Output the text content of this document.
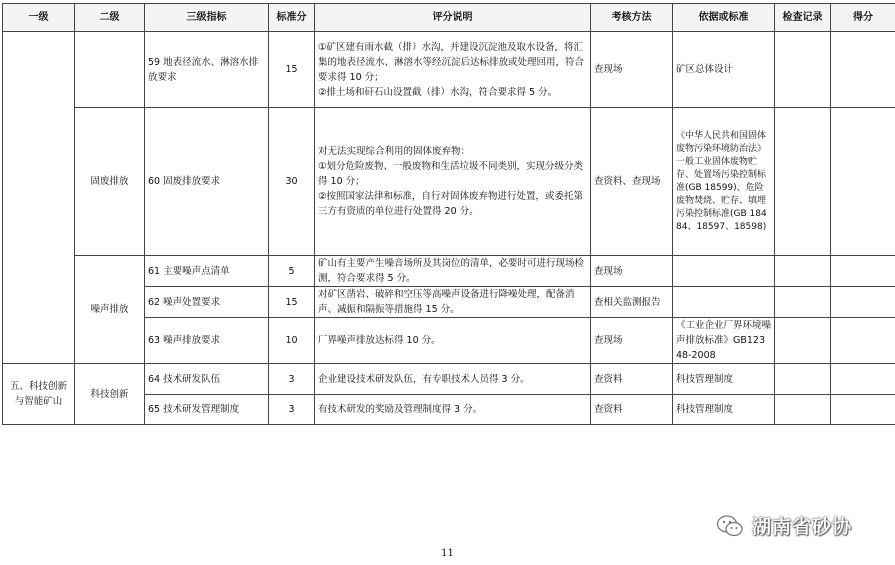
一级	二级	三级指标	标准分	评分说明	考核方法	依据或标准	检查记录	得分
		59 地表径流水、淋溶水排放要求	15	①矿区建有雨水截（排）水沟，并建设沉淀池及取水设备，将汇集的地表径流水、淋溶水等经沉淀后达标排放或处理回用，符合要求得 10 分；
②排土场和矸石山设置截（排）水沟，符合要求得 5 分。	查现场	矿区总体设计		
	固废排放	60 固废排放要求	30	对无法实现综合利用的固体废弃物：
①划分危险废物、一般废物和生活垃圾不同类别，实现分级分类得 10 分；
②按照国家法律和标准，自行对固体废弃物进行处置，或委托第三方有资质的单位进行处置得 20 分。	查资料、查现场	《中华人民共和国固体废物污染环境防治法》一般工业固体废物贮存、处置场污染控制标准(GB 18599)、危险废物焚烧、贮存、填埋污染控制标准(GB 18484、18597、18598)		
	噪声排放	61 主要噪声点清单	5	矿山有主要产生噪音场所及其岗位的清单，必要时可进行现场检测，符合要求得 5 分。	查现场			
		62 噪声处置要求	15	对矿区凿岩、破碎和空压等高噪声设备进行降噪处理，配备消声、减振和隔振等措施得 15 分。	查相关监测报告			
		63 噪声排放要求	10	厂界噪声排放达标得 10 分。	查现场	《工业企业厂界环境噪声排放标准》GB12348-2008		
五、科技创新与智能矿山	科技创新	64 技术研发队伍	3	企业建设技术研发队伍，有专职技术人员得 3 分。	查资料	科技管理制度		
		65 技术研发管理制度	3	有技术研发的奖励及管理制度得 3 分。	查资料	科技管理制度		
湖南省砂协
11
